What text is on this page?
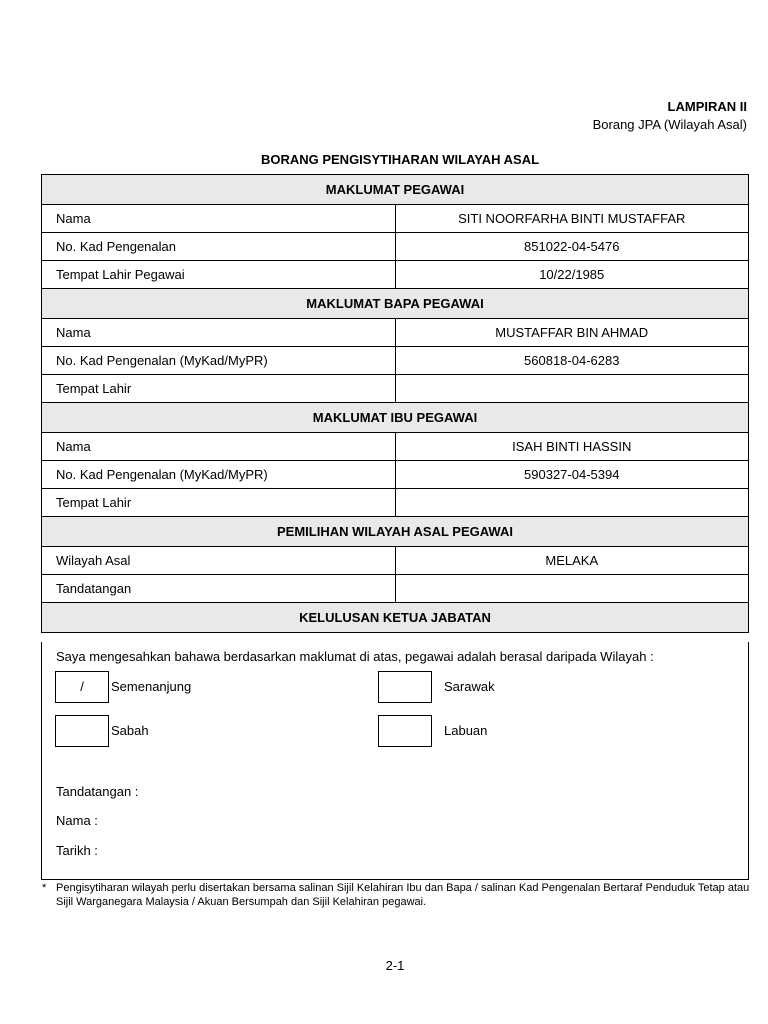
LAMPIRAN II
Borang JPA (Wilayah Asal)
BORANG PENGISYTIHARAN WILAYAH ASAL
MAKLUMAT PEGAWAI	
Nama	SITI NOORFARHA BINTI MUSTAFFAR
No. Kad Pengenalan	851022-04-5476
Tempat Lahir Pegawai	10/22/1985
MAKLUMAT BAPA PEGAWAI	
Nama	MUSTAFFAR BIN AHMAD
No. Kad Pengenalan (MyKad/MyPR)	560818-04-6283
Tempat Lahir	
MAKLUMAT IBU PEGAWAI	
Nama	ISAH BINTI HASSIN
No. Kad Pengenalan (MyKad/MyPR)	590327-04-5394
Tempat Lahir	
PEMILIHAN WILAYAH ASAL PEGAWAI	
Wilayah Asal	MELAKA
Tandatangan	
KELULUSAN KETUA JABATAN	
Saya mengesahkan bahawa berdasarkan maklumat di atas, pegawai adalah berasal daripada Wilayah :
/	Semenanjung	Sarawak
Sabah	Labuan
Tandatangan :
Nama :
Tarikh :
* Pengisytiharan wilayah perlu disertakan bersama salinan Sijil Kelahiran Ibu dan Bapa / salinan Kad Pengenalan Bertaraf Penduduk Tetap atau Sijil Warganegara Malaysia / Akuan Bersumpah dan Sijil Kelahiran pegawai.
2-1
